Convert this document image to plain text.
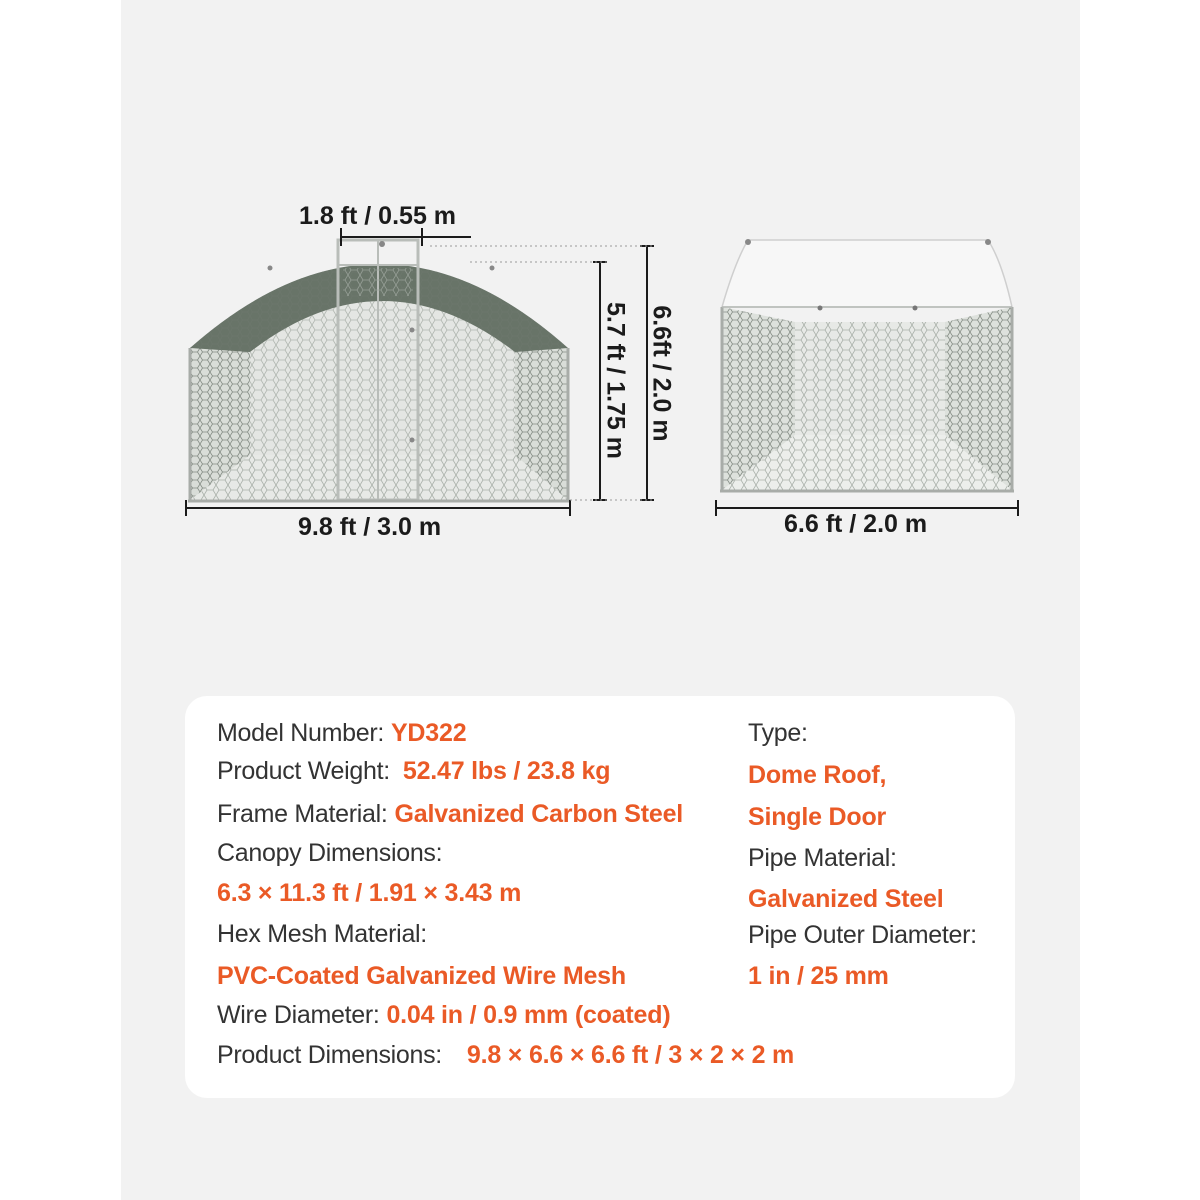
1.8 ft / 0.55 m
5.7 ft / 1.75 m 6.6ft / 2.0 m
9.8 ft / 3.0 m	6.6 ft / 2.0 m
Model Number: YD322
Product Weight: 52.47 lbs / 23.8 kg
Frame Material: Galvanized Carbon Steel
Canopy Dimensions:
6.3 × 11.3 ft / 1.91 × 3.43 m
Hex Mesh Material:
PVC-Coated Galvanized Wire Mesh
Wire Diameter: 0.04 in / 0.9 mm (coated)
Product Dimensions: 9.8 × 6.6 × 6.6 ft / 3 × 2 × 2 m
Type:
Dome Roof,
Single Door
Pipe Material:
Galvanized Steel
Pipe Outer Diameter:
1 in / 25 mm
